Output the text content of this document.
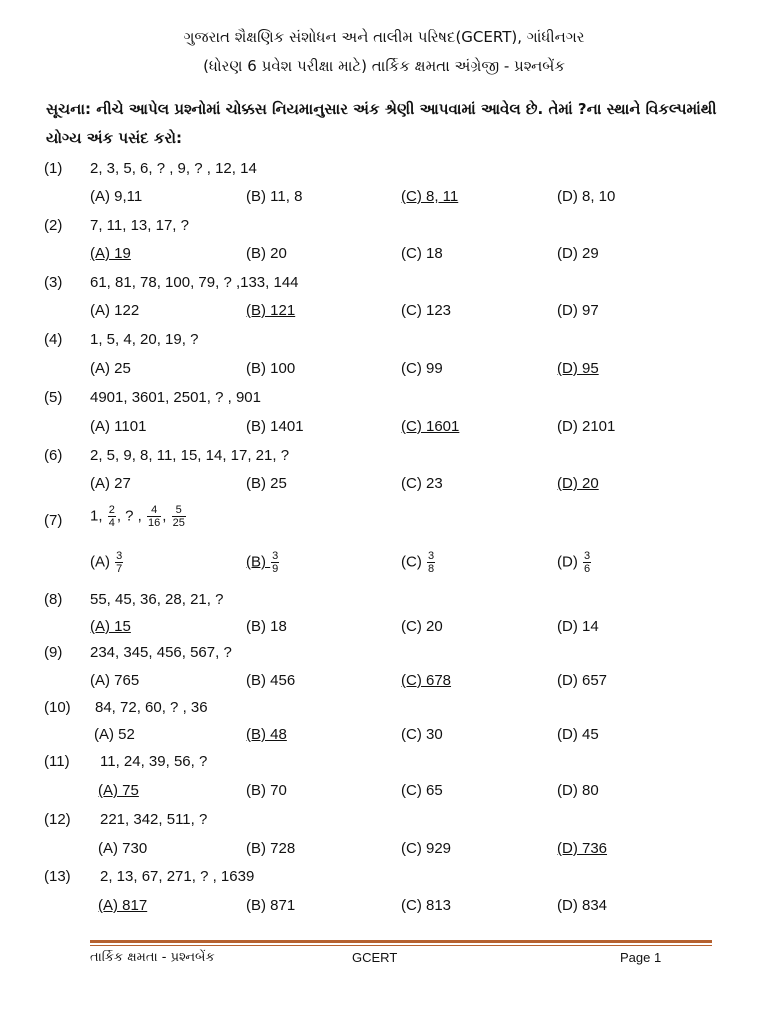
ગુજરાત શૈક્ષણિક સંશોધન અને તાલીમ પરિષદ(GCERT), ગાંધીનગર
(ધોરણ 6 પ્રવેશ પરીક્ષા માટે) તાર્કિક ક્ષમતા અંગ્રેજી - પ્રશ્નબેંક
સૂચના: નીચે આપેલ પ્રશ્નોમાં ચોક્કસ નિયમાનુસાર અંક શ્રેણી આપવામાં આવેલ છે. તેમાં ?ના સ્થાને વિકલ્પમાંથી યોગ્ય અંક પસંદ કરો:
(1) 2, 3, 5, 6, ? , 9, ? , 12, 14
(A) 9,11	(B) 11, 8	(C) 8, 11	(D) 8, 10
(2) 7, 11, 13, 17, ?
(A) 19	(B) 20	(C) 18	(D) 29
(3) 61, 81, 78, 100, 79, ? ,133, 144
(A) 122	(B) 121	(C) 123	(D) 97
(4) 1, 5, 4, 20, 19, ?
(A) 25	(B) 100	(C) 99	(D) 95
(5) 4901, 3601, 2501, ? , 901
(A) 1101	(B) 1401	(C) 1601	(D) 2101
(6) 2, 5, 9, 8, 11, 15, 14, 17, 21, ?
(A) 27	(B) 25	(C) 23	(D) 20
(7) 1, $\frac{2}{4}$ , ? , $\frac{4}{16}$ , $\frac{5}{25}$
$(A) \frac{3}{7}$	$(B) \frac{3}{9}$	$(C) \frac{3}{8}$	$(D) \frac{3}{6}$
(8) 55, 45, 36, 28, 21, ?
(A) 15	(B) 18	(C) 20	(D) 14
(9) 234, 345, 456, 567, ?
(A) 765	(B) 456	(C) 678	(D) 657
(10) 84, 72, 60, ? , 36
(A) 52	(B) 48	(C) 30	(D) 45
(11) 11, 24, 39, 56, ?
(A) 75	(B) 70	(C) 65	(D) 80
(12) 221, 342, 511, ?
(A) 730	(B) 728	(C) 929	(D) 736
(13) 2, 13, 67, 271, ? , 1639
(A) 817	(B) 871	(C) 813	(D) 834
તાર્કિક ક્ષમતા - પ્રશ્નબેંક	GCERT	Page 1
